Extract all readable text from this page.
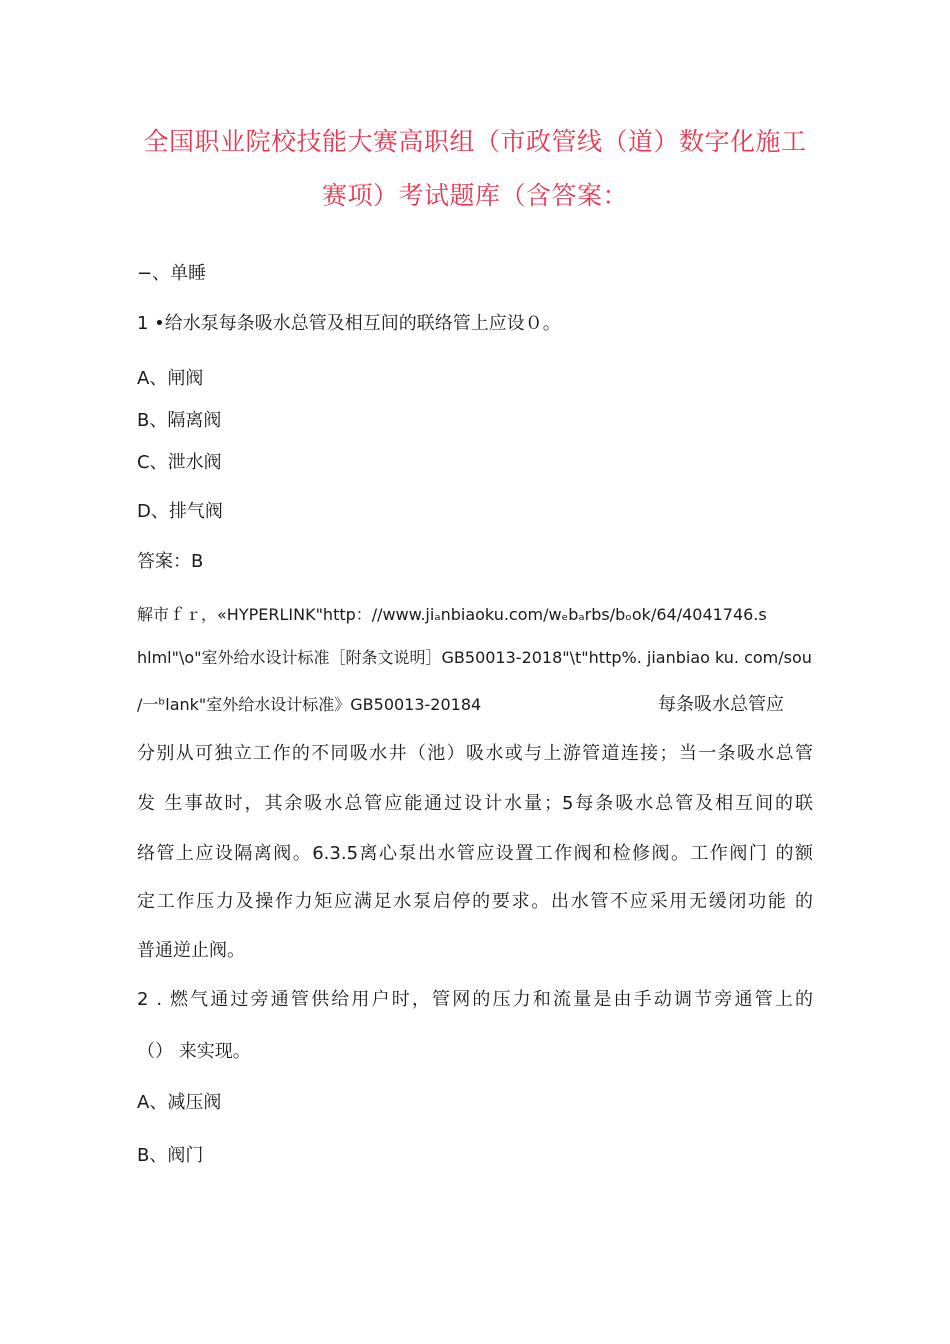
全国职业院校技能大赛高职组（市政管线（道）数字化施工
赛项）考试题库（含答案：
−、单睡
1 •给水泵每条吸水总管及相互间的联络管上应设０。
A、闸阀
B、隔离阀
C、泄水阀
D、排气阀
答案：B
解市ｆｒ，«HYPERLINK"http：//www.jiₐnbiaoku.com/wₑbₐrbs/bₒok/64/4041746.s
hlml"\o"室外给水设计标准［附条文说明］GB50013-2018"\t"http%. jianbiao ku. com/sou
/一ᵇlank"室外给水设计标准》GB50013-20184	每条吸水总管应
分别从可独立工作的不同吸水井（池）吸水或与上游管道连接；当一条吸水总管
发 生事故时，其余吸水总管应能通过设计水量；5每条吸水总管及相互间的联
络管上应设隔离阀。6.3.5离心泵出水管应设置工作阀和检修阀。工作阀门 的额
定工作压力及操作力矩应满足水泵启停的要求。出水管不应采用无缓闭功能 的
普通逆止阀。
2 . 燃气通过旁通管供给用户时，管网的压力和流量是由手动调节旁通管上的
（） 来实现。
A、减压阀
B、阀门
